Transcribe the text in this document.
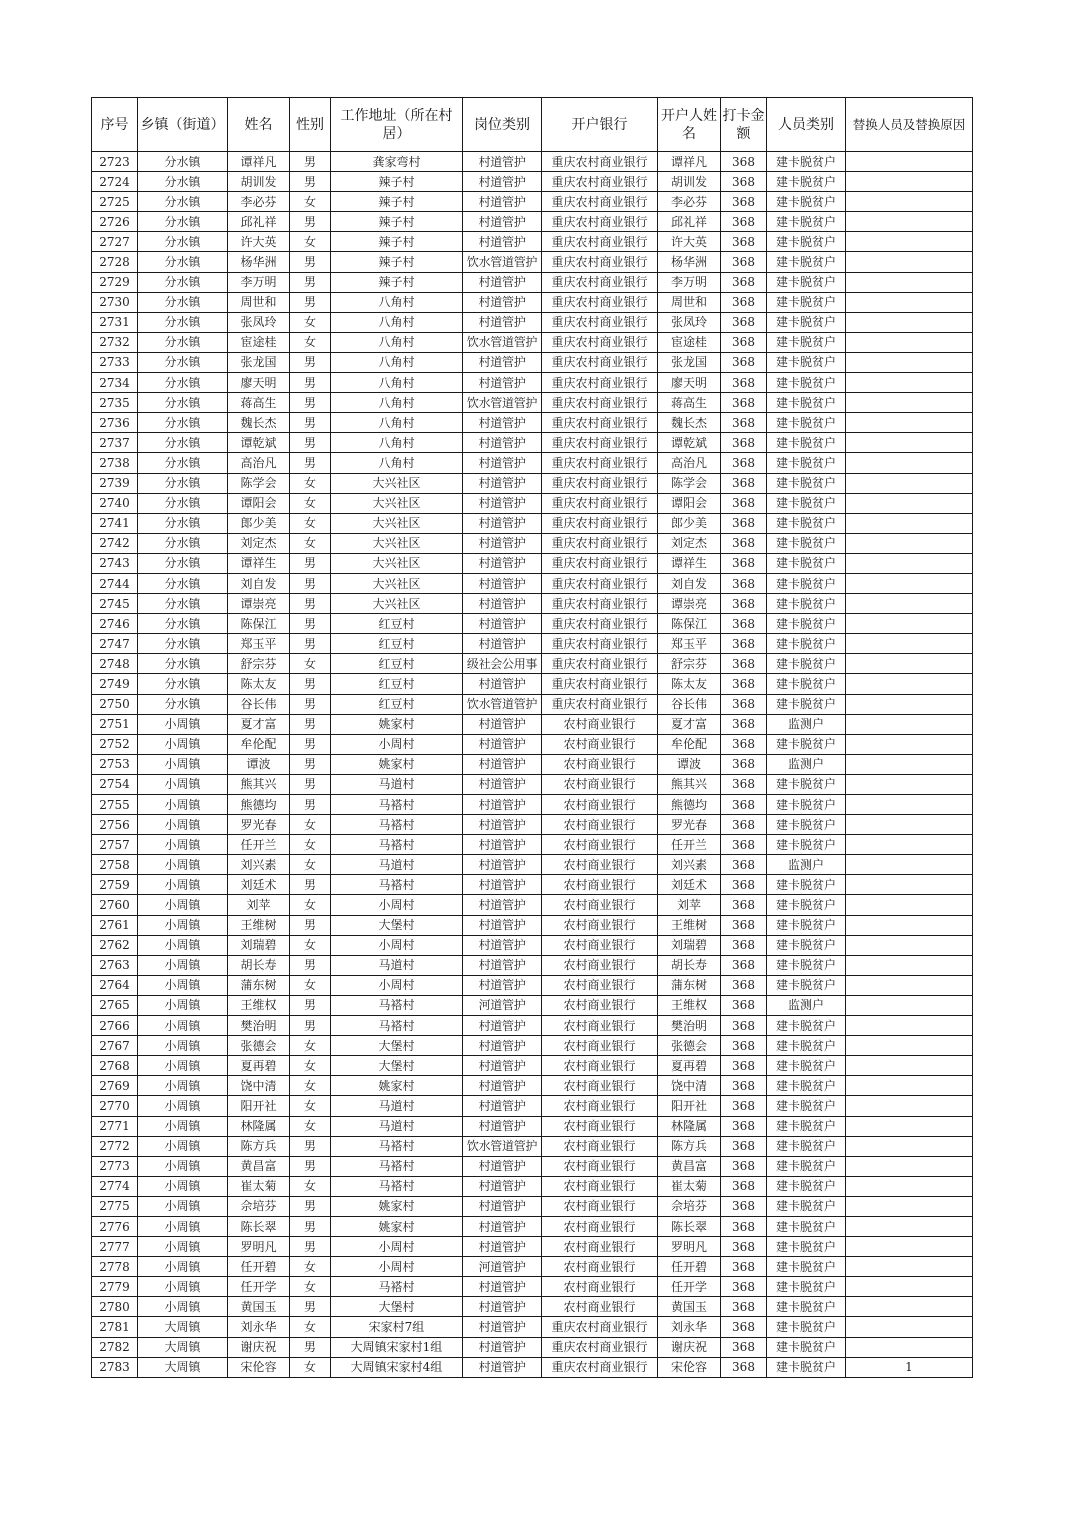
序号	乡镇（街道）	姓名	性别	工作地址（所在村居）	岗位类别	开户银行	开户人姓名	打卡金额	人员类别	替换人员及替换原因
2723	分水镇	谭祥凡	男	龚家弯村	村道管护	重庆农村商业银行	谭祥凡	368	建卡脱贫户	
2724	分水镇	胡训发	男	辣子村	村道管护	重庆农村商业银行	胡训发	368	建卡脱贫户	
2725	分水镇	李必芬	女	辣子村	村道管护	重庆农村商业银行	李必芬	368	建卡脱贫户	
2726	分水镇	邱礼祥	男	辣子村	村道管护	重庆农村商业银行	邱礼祥	368	建卡脱贫户	
2727	分水镇	许大英	女	辣子村	村道管护	重庆农村商业银行	许大英	368	建卡脱贫户	
2728	分水镇	杨华洲	男	辣子村	饮水管道管护	重庆农村商业银行	杨华洲	368	建卡脱贫户	
2729	分水镇	李万明	男	辣子村	村道管护	重庆农村商业银行	李万明	368	建卡脱贫户	
2730	分水镇	周世和	男	八角村	村道管护	重庆农村商业银行	周世和	368	建卡脱贫户	
2731	分水镇	张凤玲	女	八角村	村道管护	重庆农村商业银行	张凤玲	368	建卡脱贫户	
2732	分水镇	宦途桂	女	八角村	饮水管道管护	重庆农村商业银行	宦途桂	368	建卡脱贫户	
2733	分水镇	张龙国	男	八角村	村道管护	重庆农村商业银行	张龙国	368	建卡脱贫户	
2734	分水镇	廖天明	男	八角村	村道管护	重庆农村商业银行	廖天明	368	建卡脱贫户	
2735	分水镇	蒋高生	男	八角村	饮水管道管护	重庆农村商业银行	蒋高生	368	建卡脱贫户	
2736	分水镇	魏长杰	男	八角村	村道管护	重庆农村商业银行	魏长杰	368	建卡脱贫户	
2737	分水镇	谭乾斌	男	八角村	村道管护	重庆农村商业银行	谭乾斌	368	建卡脱贫户	
2738	分水镇	高治凡	男	八角村	村道管护	重庆农村商业银行	高治凡	368	建卡脱贫户	
2739	分水镇	陈学会	女	大兴社区	村道管护	重庆农村商业银行	陈学会	368	建卡脱贫户	
2740	分水镇	谭阳会	女	大兴社区	村道管护	重庆农村商业银行	谭阳会	368	建卡脱贫户	
2741	分水镇	郎少美	女	大兴社区	村道管护	重庆农村商业银行	郎少美	368	建卡脱贫户	
2742	分水镇	刘定杰	女	大兴社区	村道管护	重庆农村商业银行	刘定杰	368	建卡脱贫户	
2743	分水镇	谭祥生	男	大兴社区	村道管护	重庆农村商业银行	谭祥生	368	建卡脱贫户	
2744	分水镇	刘自发	男	大兴社区	村道管护	重庆农村商业银行	刘自发	368	建卡脱贫户	
2745	分水镇	谭崇亮	男	大兴社区	村道管护	重庆农村商业银行	谭崇亮	368	建卡脱贫户	
2746	分水镇	陈保江	男	红豆村	村道管护	重庆农村商业银行	陈保江	368	建卡脱贫户	
2747	分水镇	郑玉平	男	红豆村	村道管护	重庆农村商业银行	郑玉平	368	建卡脱贫户	
2748	分水镇	舒宗芬	女	红豆村	级社会公用事	重庆农村商业银行	舒宗芬	368	建卡脱贫户	
2749	分水镇	陈太友	男	红豆村	村道管护	重庆农村商业银行	陈太友	368	建卡脱贫户	
2750	分水镇	谷长伟	男	红豆村	饮水管道管护	重庆农村商业银行	谷长伟	368	建卡脱贫户	
2751	小周镇	夏才富	男	姚家村	村道管护	农村商业银行	夏才富	368	监测户	
2752	小周镇	牟伦配	男	小周村	村道管护	农村商业银行	牟伦配	368	建卡脱贫户	
2753	小周镇	谭波	男	姚家村	村道管护	农村商业银行	谭波	368	监测户	
2754	小周镇	熊其兴	男	马道村	村道管护	农村商业银行	熊其兴	368	建卡脱贫户	
2755	小周镇	熊德均	男	马褡村	村道管护	农村商业银行	熊德均	368	建卡脱贫户	
2756	小周镇	罗光春	女	马褡村	村道管护	农村商业银行	罗光春	368	建卡脱贫户	
2757	小周镇	任开兰	女	马褡村	村道管护	农村商业银行	任开兰	368	建卡脱贫户	
2758	小周镇	刘兴素	女	马道村	村道管护	农村商业银行	刘兴素	368	监测户	
2759	小周镇	刘廷术	男	马褡村	村道管护	农村商业银行	刘廷术	368	建卡脱贫户	
2760	小周镇	刘苹	女	小周村	村道管护	农村商业银行	刘苹	368	建卡脱贫户	
2761	小周镇	王维树	男	大堡村	村道管护	农村商业银行	王维树	368	建卡脱贫户	
2762	小周镇	刘瑞碧	女	小周村	村道管护	农村商业银行	刘瑞碧	368	建卡脱贫户	
2763	小周镇	胡长寿	男	马道村	村道管护	农村商业银行	胡长寿	368	建卡脱贫户	
2764	小周镇	蒲东树	女	小周村	村道管护	农村商业银行	蒲东树	368	建卡脱贫户	
2765	小周镇	王维权	男	马褡村	河道管护	农村商业银行	王维权	368	监测户	
2766	小周镇	樊治明	男	马褡村	村道管护	农村商业银行	樊治明	368	建卡脱贫户	
2767	小周镇	张德会	女	大堡村	村道管护	农村商业银行	张德会	368	建卡脱贫户	
2768	小周镇	夏再碧	女	大堡村	村道管护	农村商业银行	夏再碧	368	建卡脱贫户	
2769	小周镇	饶中清	女	姚家村	村道管护	农村商业银行	饶中清	368	建卡脱贫户	
2770	小周镇	阳开社	女	马道村	村道管护	农村商业银行	阳开社	368	建卡脱贫户	
2771	小周镇	林隆属	女	马道村	村道管护	农村商业银行	林隆属	368	建卡脱贫户	
2772	小周镇	陈方兵	男	马褡村	饮水管道管护	农村商业银行	陈方兵	368	建卡脱贫户	
2773	小周镇	黄昌富	男	马褡村	村道管护	农村商业银行	黄昌富	368	建卡脱贫户	
2774	小周镇	崔太菊	女	马褡村	村道管护	农村商业银行	崔太菊	368	建卡脱贫户	
2775	小周镇	佘培芬	男	姚家村	村道管护	农村商业银行	佘培芬	368	建卡脱贫户	
2776	小周镇	陈长翠	男	姚家村	村道管护	农村商业银行	陈长翠	368	建卡脱贫户	
2777	小周镇	罗明凡	男	小周村	村道管护	农村商业银行	罗明凡	368	建卡脱贫户	
2778	小周镇	任开碧	女	小周村	河道管护	农村商业银行	任开碧	368	建卡脱贫户	
2779	小周镇	任开学	女	马褡村	村道管护	农村商业银行	任开学	368	建卡脱贫户	
2780	小周镇	黄国玉	男	大堡村	村道管护	农村商业银行	黄国玉	368	建卡脱贫户	
2781	大周镇	刘永华	女	宋家村7组	村道管护	重庆农村商业银行	刘永华	368	建卡脱贫户	
2782	大周镇	谢庆祝	男	大周镇宋家村1组	村道管护	重庆农村商业银行	谢庆祝	368	建卡脱贫户	
2783	大周镇	宋伦容	女	大周镇宋家村4组	村道管护	重庆农村商业银行	宋伦容	368	建卡脱贫户	1
